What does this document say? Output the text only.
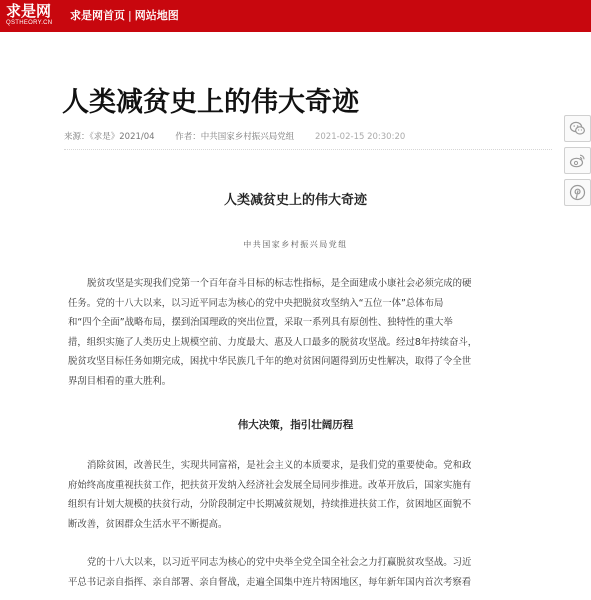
求是网
QSTHEORY.CN
求是网首页 | 网站地图
人类减贫史上的伟大奇迹
来源：《求是》2021/04 作者：中共国家乡村振兴局党组 2021-02-15 20:30:20
人类减贫史上的伟大奇迹
中共国家乡村振兴局党组
脱贫攻坚是实现我们党第一个百年奋斗目标的标志性指标，是全面建成小康社会必须完成的硬
任务。党的十八大以来，以习近平同志为核心的党中央把脱贫攻坚纳入“五位一体”总体布局
和“四个全面”战略布局，摆到治国理政的突出位置，采取一系列具有原创性、独特性的重大举
措，组织实施了人类历史上规模空前、力度最大、惠及人口最多的脱贫攻坚战。经过8年持续奋斗，
脱贫攻坚目标任务如期完成，困扰中华民族几千年的绝对贫困问题得到历史性解决，取得了令全世
界刮目相看的重大胜利。
伟大决策，指引壮阔历程
消除贫困，改善民生，实现共同富裕，是社会主义的本质要求，是我们党的重要使命。党和政
府始终高度重视扶贫工作，把扶贫开发纳入经济社会发展全局同步推进。改革开放后，国家实施有
组织有计划大规模的扶贫行动，分阶段制定中长期减贫规划，持续推进扶贫工作，贫困地区面貌不
断改善，贫困群众生活水平不断提高。
党的十八大以来，以习近平同志为核心的党中央举全党全国全社会之力打赢脱贫攻坚战。习近
平总书记亲自指挥、亲自部署、亲自督战，走遍全国集中连片特困地区，每年新年国内首次考察看
